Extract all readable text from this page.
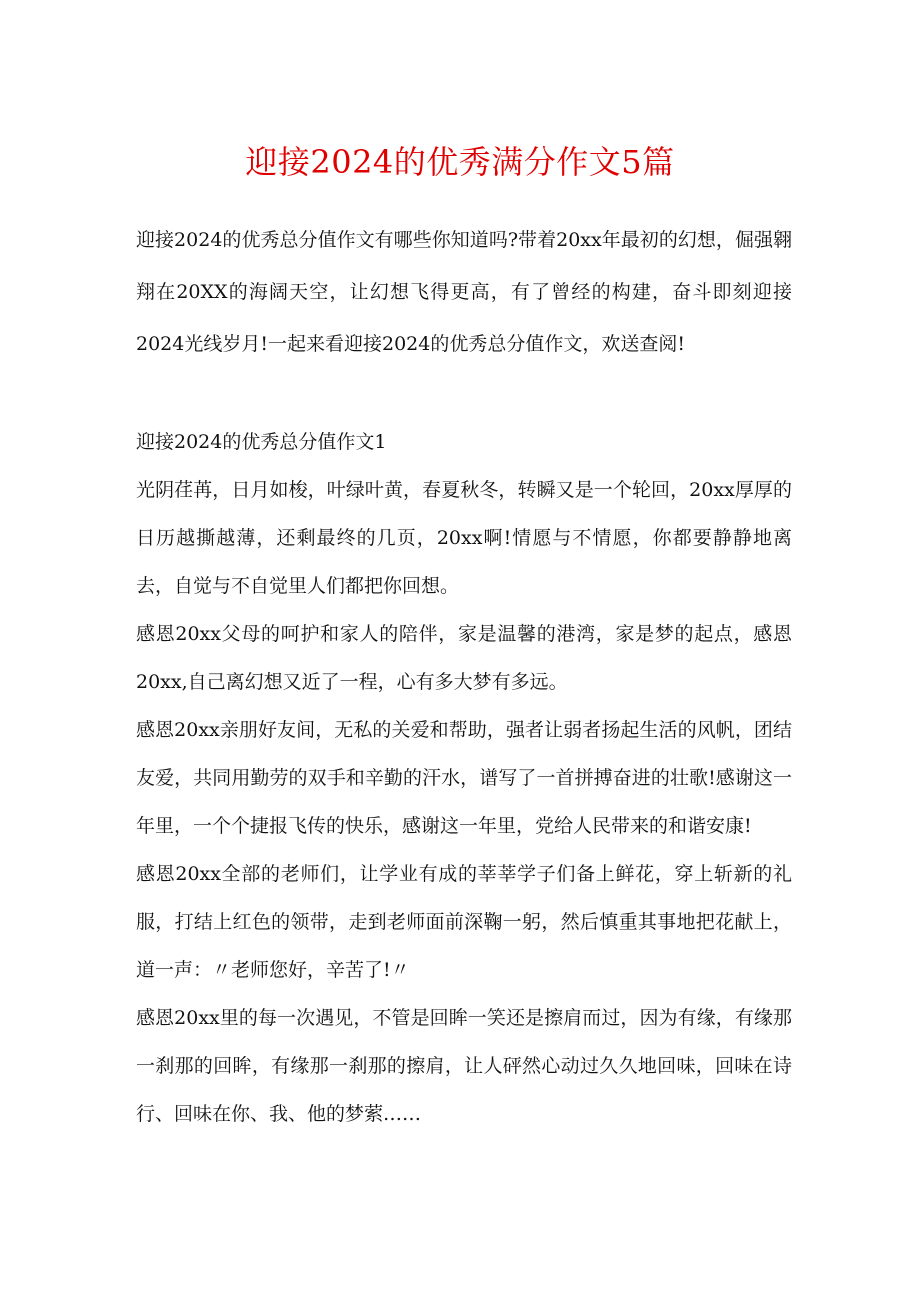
迎接2024的优秀满分作文5篇

迎接2024的优秀总分值作文有哪些你知道吗?带着20xx年最初的幻想，倔强翱翔在20XX的海阔天空，让幻想飞得更高，有了曾经的构建，奋斗即刻迎接2024光线岁月!一起来看迎接2024的优秀总分值作文，欢送查阅!

迎接2024的优秀总分值作文1

光阴荏苒，日月如梭，叶绿叶黄，春夏秋冬，转瞬又是一个轮回，20xx厚厚的日历越撕越薄，还剩最终的几页，20xx啊!情愿与不情愿，你都要静静地离去，自觉与不自觉里人们都把你回想。

感恩20xx父母的呵护和家人的陪伴，家是温馨的港湾，家是梦的起点，感恩20xx,自己离幻想又近了一程，心有多大梦有多远。

感恩20xx亲朋好友间，无私的关爱和帮助，强者让弱者扬起生活的风帆，团结友爱，共同用勤劳的双手和辛勤的汗水，谱写了一首拼搏奋进的壮歌!感谢这一年里，一个个捷报飞传的快乐，感谢这一年里，党给人民带来的和谐安康!

感恩20xx全部的老师们，让学业有成的莘莘学子们备上鲜花，穿上斩新的礼服，打结上红色的领带，走到老师面前深鞠一躬，然后慎重其事地把花献上，道一声：〃老师您好，辛苦了!〃

感恩20xx里的每一次遇见，不管是回眸一笑还是擦肩而过，因为有缘，有缘那一刹那的回眸，有缘那一刹那的擦肩，让人砰然心动过久久地回味，回味在诗行、回味在你、我、他的梦萦……
